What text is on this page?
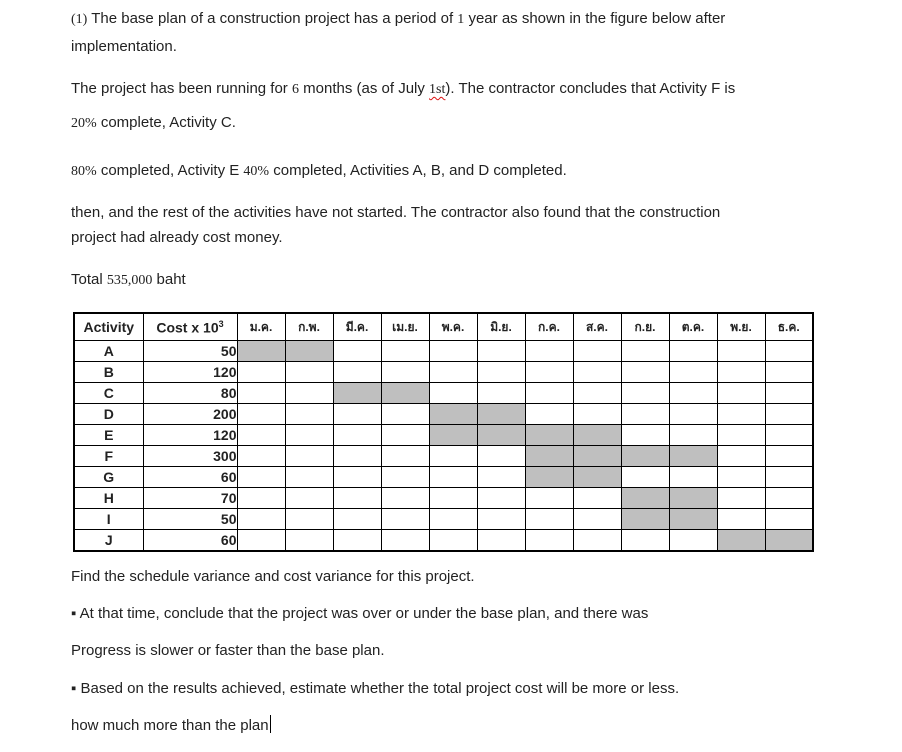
(1) The base plan of a construction project has a period of 1 year as shown in the figure below after
implementation.
The project has been running for 6 months (as of July 1st). The contractor concludes that Activity F is
20% complete, Activity C.
80% completed, Activity E 40% completed, Activities A, B, and D completed.
then, and the rest of the activities have not started. The contractor also found that the construction
project had already cost money.
Total 535,000 baht
Activity	Cost x $10^3$	ม.ค.	ก.พ.	มี.ค.	เม.ย.	พ.ค.	มิ.ย.	ก.ค.	ส.ค.	ก.ย.	ต.ค.	พ.ย.	ธ.ค.
A	50												
B	120												
C	80												
D	200												
E	120												
F	300												
G	60												
H	70												
I	50												
J	60												
Find the schedule variance and cost variance for this project.
▪ At that time, conclude that the project was over or under the base plan, and there was
Progress is slower or faster than the base plan.
▪ Based on the results achieved, estimate whether the total project cost will be more or less.
how much more than the plan
